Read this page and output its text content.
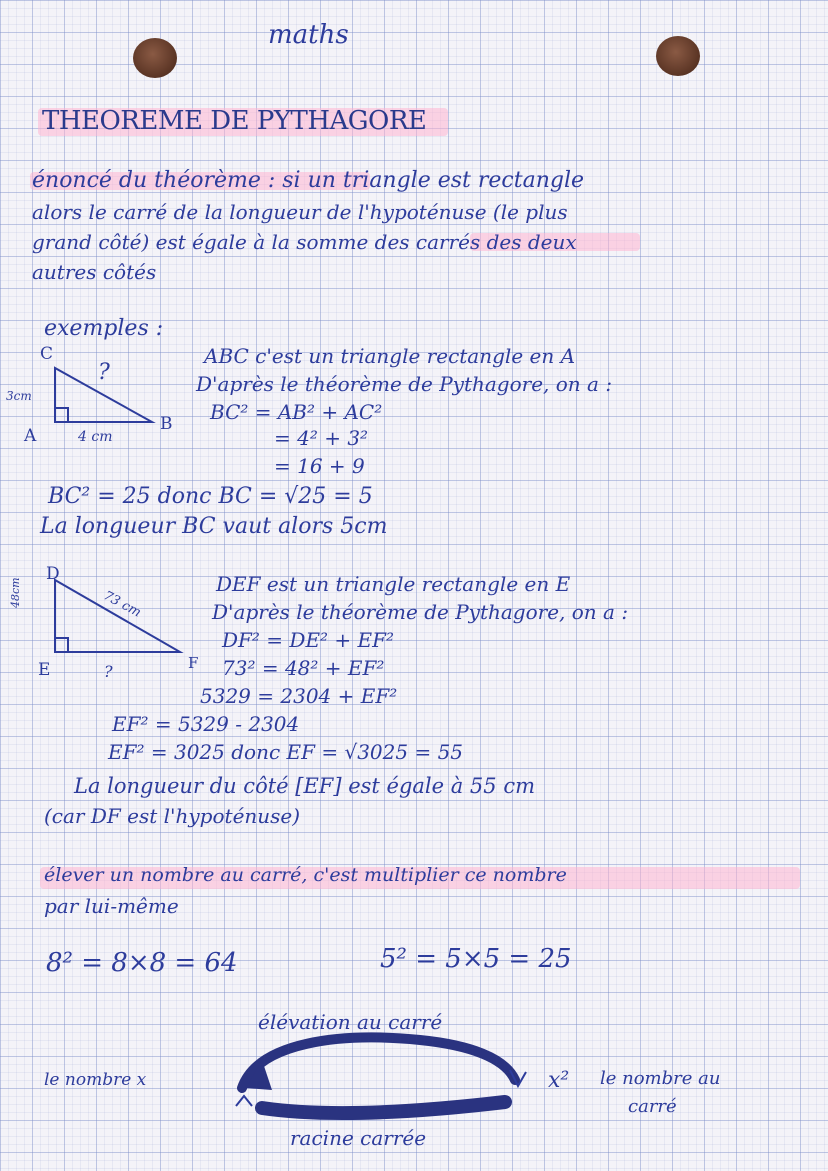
maths
THEOREME DE PYTHAGORE
énoncé du théorème : si un triangle est rectangle
alors le carré de la longueur de l'hypoténuse (le plus
grand côté) est égale à la somme des carrés des deux
autres côtés
exemples :
C
A
B
3cm
4 cm
?
ABC c'est un triangle rectangle en A
D'après le théorème de Pythagore, on a :
BC² = AB² + AC²
= 4² + 3²
= 16 + 9
BC² = 25 donc BC = √25 = 5
La longueur BC vaut alors 5cm
D
E	F
48cm	73 cm
?
DEF est un triangle rectangle en E
D'après le théorème de Pythagore, on a :
DF² = DE² + EF²
73² = 48² + EF²
5329 = 2304 + EF²
EF² = 5329 - 2304
EF² = 3025 donc EF = √3025 = 55
La longueur du côté [EF] est égale à 55 cm
(car DF est l'hypoténuse)
élever un nombre au carré, c'est multiplier ce nombre
par lui-même
8² = 8×8 = 64	5² = 5×5 = 25
élévation au carré
le nombre x	x² le nombre au
carré
racine carrée
